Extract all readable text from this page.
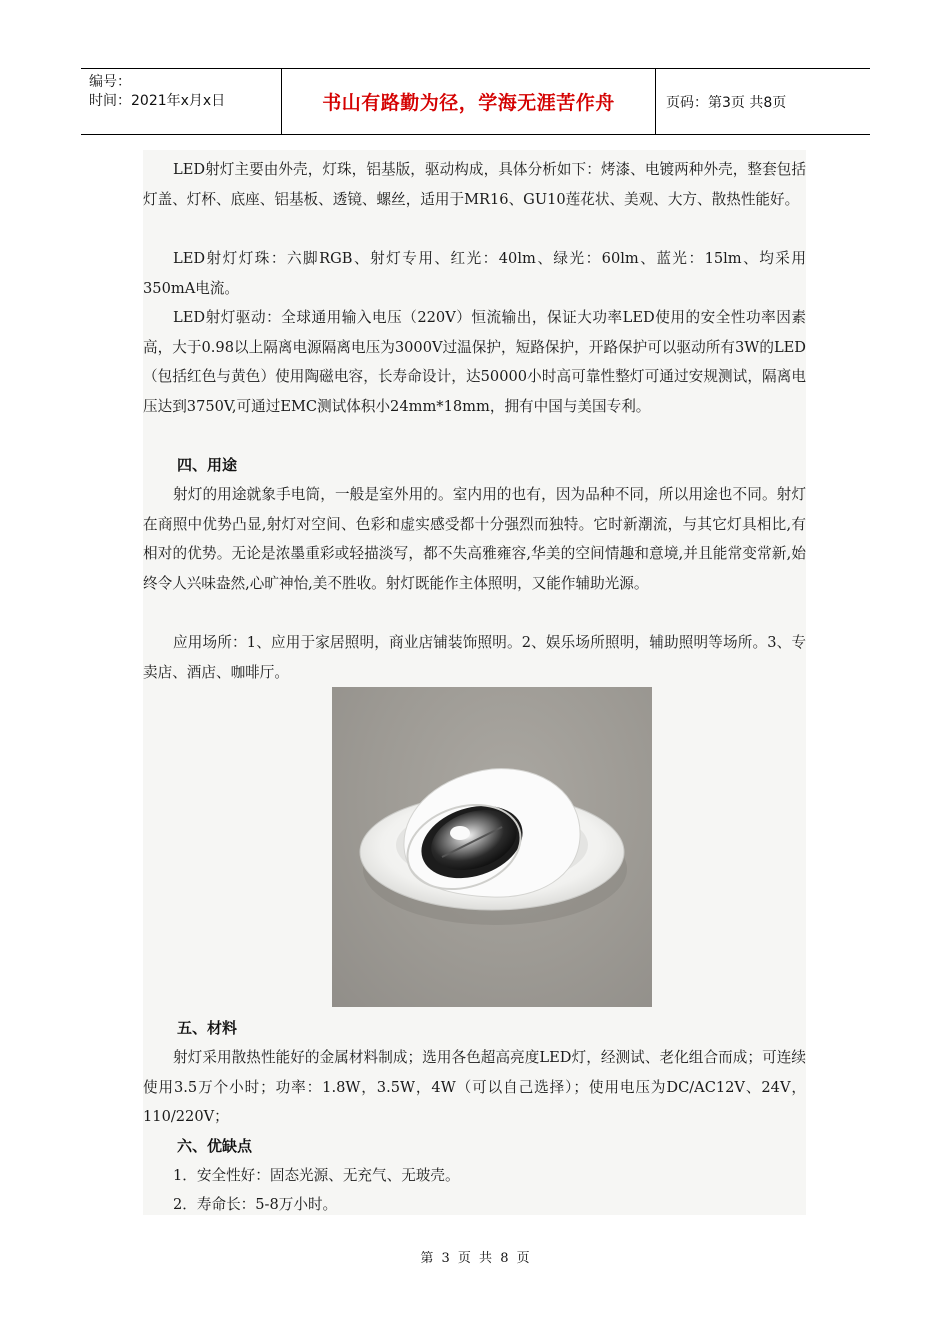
编号：
时间：2021年x月x日	书山有路勤为径，学海无涯苦作舟	页码：第3页 共8页

LED射灯主要由外壳，灯珠，铝基版，驱动构成，具体分析如下：烤漆、电镀两种外壳，整套包括灯盖、灯杯、底座、铝基板、透镜、螺丝，适用于MR16、GU10莲花状、美观、大方、散热性能好。

LED射灯灯珠：六脚RGB、射灯专用、红光：40lm、绿光：60lm、蓝光：15lm、均采用350mA电流。

LED射灯驱动：全球通用输入电压（220V）恒流输出，保证大功率LED使用的安全性功率因素高，大于0.98以上隔离电源隔离电压为3000V过温保护，短路保护，开路保护可以驱动所有3W的LED（包括红色与黄色）使用陶磁电容，长寿命设计，达50000小时高可靠性整灯可通过安规测试，隔离电压达到3750V,可通过EMC测试体积小24mm*18mm，拥有中国与美国专利。

四、用途

射灯的用途就象手电筒，一般是室外用的。室内用的也有，因为品种不同，所以用途也不同。射灯在商照中优势凸显,射灯对空间、色彩和虚实感受都十分强烈而独特。它时新潮流，与其它灯具相比,有相对的优势。无论是浓墨重彩或轻描淡写，都不失高雅雍容,华美的空间情趣和意境,并且能常变常新,始终令人兴味盎然,心旷神怡,美不胜收。射灯既能作主体照明，又能作辅助光源。

应用场所：1、应用于家居照明，商业店铺装饰照明。2、娱乐场所照明，辅助照明等场所。3、专卖店、酒店、咖啡厅。

五、材料

射灯采用散热性能好的金属材料制成；选用各色超高亮度LED灯，经测试、老化组合而成；可连续使用3.5万个小时；功率：1.8W，3.5W，4W（可以自己选择）；使用电压为DC/AC12V、24V，110/220V；

六、优缺点

1．安全性好：固态光源、无充气、无玻壳。

2．寿命长：5-8万小时。

第 3 页 共 8 页
